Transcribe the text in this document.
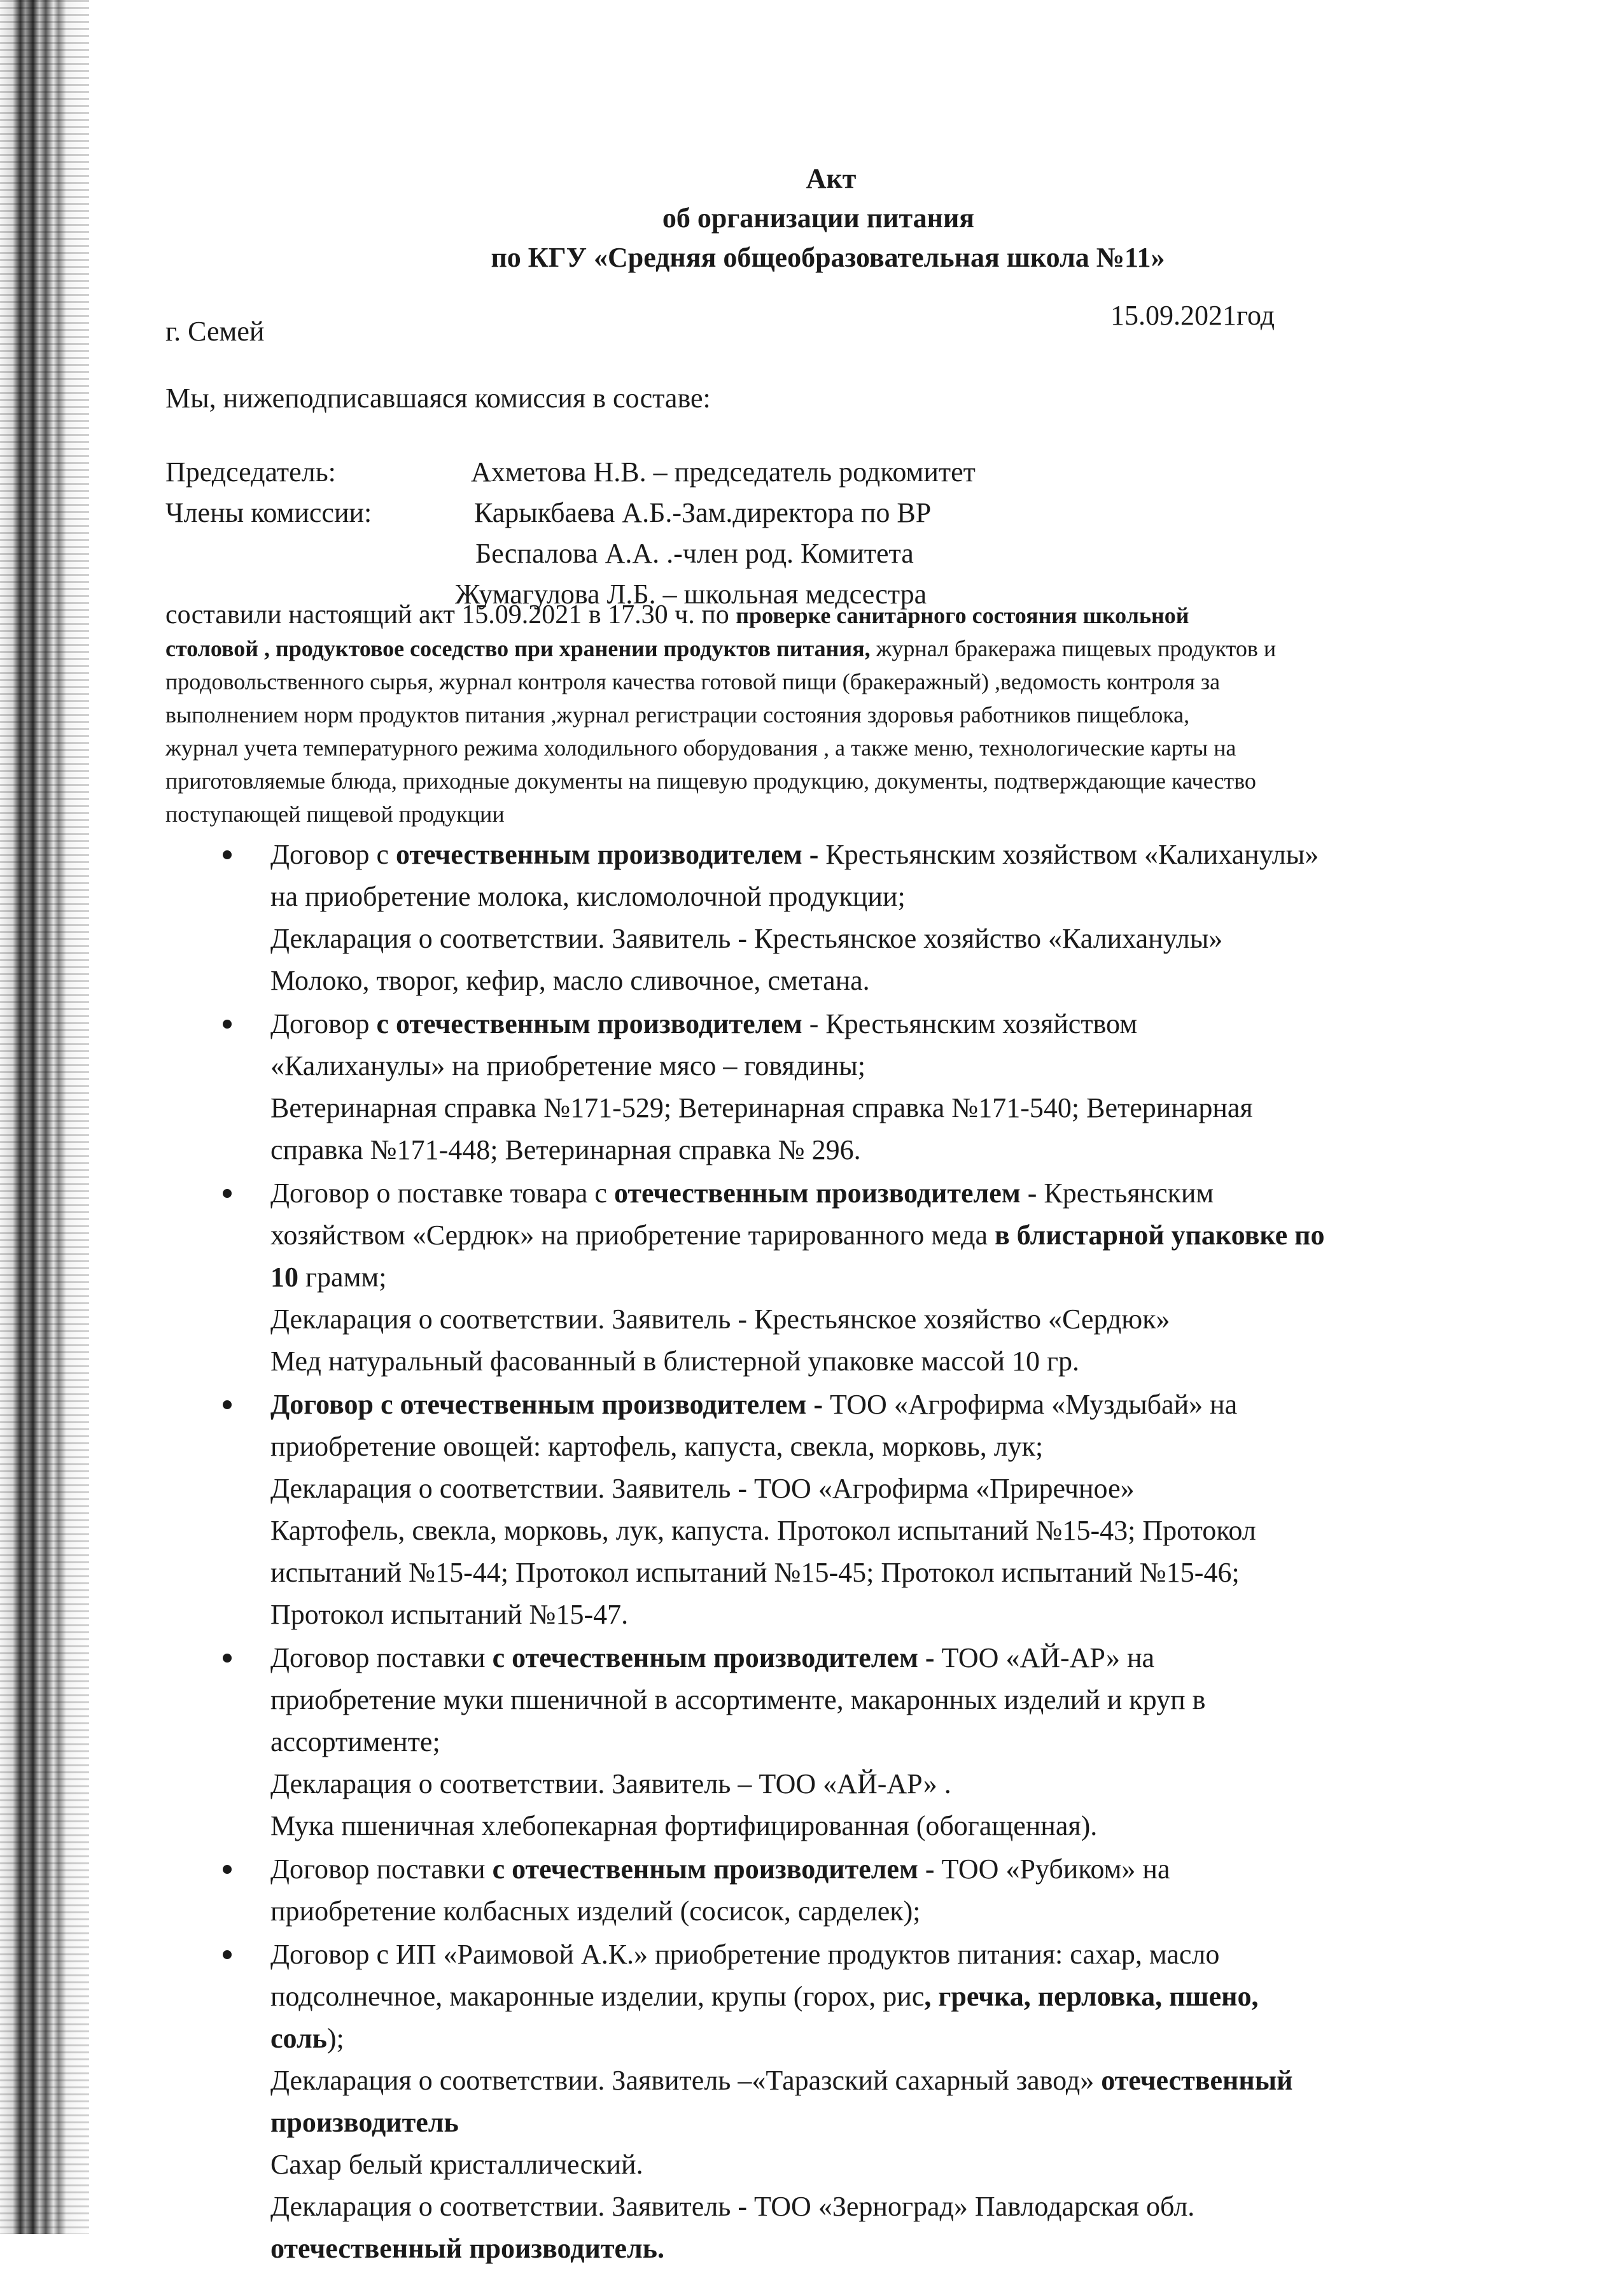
Акт
об организации питания
по КГУ «Средняя общеобразовательная школа №11»
г. Семей
15.09.2021год
Мы, нижеподписавшаяся комиссия в составе:
Председатель:	Ахметова Н.В. – председатель родкомитет
Члены комиссии:	Карыкбаева А.Б.-Зам.директора по ВР
Беспалова А.А. .-член род. Комитета
Жумагулова Л.Б. – школьная медсестра

составили настоящий акт 15.09.2021 в 17.30 ч. по проверке санитарного состояния школьной

столовой , продуктовое соседство при хранении продуктов питания, журнал бракеража пищевых продуктов и

продовольственного сырья, журнал контроля качества готовой пищи (бракеражный) ,ведомость контроля за

выполнением норм продуктов питания ,журнал регистрации состояния здоровья работников пищеблока,

журнал учета температурного режима холодильного оборудования , а также меню, технологические карты на

приготовляемые блюда, приходные документы на пищевую продукцию, документы, подтверждающие качество

поступающей пищевой продукции

Договор с отечественным производителем - Крестьянским хозяйством «Калиханулы»
на приобретение молока, кисломолочной продукции;
Декларация о соответствии. Заявитель - Крестьянское хозяйство «Калиханулы»
Молоко, творог, кефир, масло сливочное, сметана.
Договор с отечественным производителем - Крестьянским хозяйством
«Калиханулы» на приобретение мясо – говядины;
Ветеринарная справка №171-529; Ветеринарная справка №171-540; Ветеринарная
справка №171-448; Ветеринарная справка № 296.
Договор о поставке товара с отечественным производителем - Крестьянским
хозяйством «Сердюк» на приобретение тарированного меда в блистарной упаковке по
10 грамм;
Декларация о соответствии. Заявитель - Крестьянское хозяйство «Сердюк»
Мед натуральный фасованный в блистерной упаковке массой 10 гр.
Договор с отечественным производителем - ТОО «Агрофирма «Муздыбай» на
приобретение овощей: картофель, капуста, свекла, морковь, лук;
Декларация о соответствии. Заявитель - ТОО «Агрофирма «Приречное»
Картофель, свекла, морковь, лук, капуста. Протокол испытаний №15-43; Протокол
испытаний №15-44; Протокол испытаний №15-45; Протокол испытаний №15-46;
Протокол испытаний №15-47.
Договор поставки с отечественным производителем - ТОО «АЙ-АР» на
приобретение муки пшеничной в ассортименте, макаронных изделий и круп в
ассортименте;
Декларация о соответствии. Заявитель – ТОО «АЙ-АР» .
Мука пшеничная хлебопекарная фортифицированная (обогащенная).
Договор поставки с отечественным производителем - ТОО «Рубиком» на
приобретение колбасных изделий (сосисок, сарделек);
Договор с ИП «Раимовой А.К.» приобретение продуктов питания: сахар, масло
подсолнечное, макаронные изделии, крупы (горох, рис, гречка, перловка, пшено,
соль);
Декларация о соответствии. Заявитель –«Таразский сахарный завод» отечественный
производитель
Сахар белый кристаллический.
Декларация о соответствии. Заявитель - ТОО «Зерноград» Павлодарская обл.
отечественный производитель.
